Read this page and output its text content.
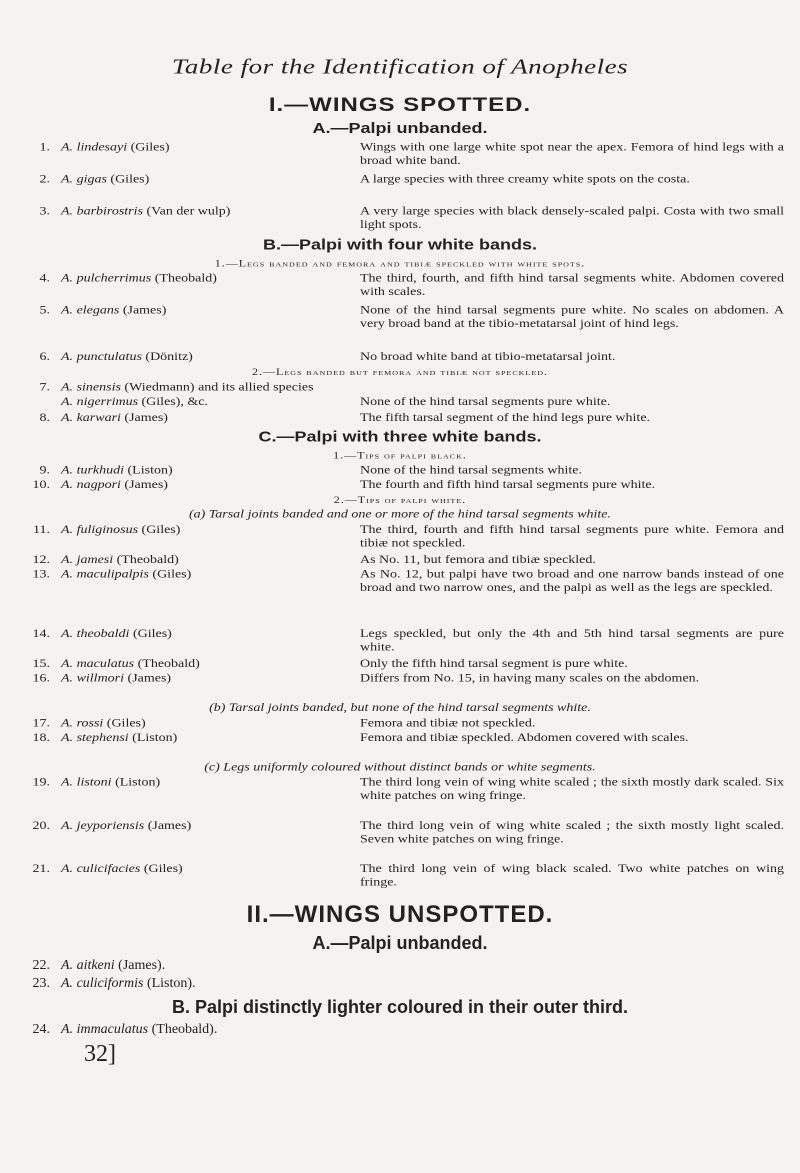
Table for the Identification of Anopheles
I.—WINGS SPOTTED.
A.—Palpi unbanded.
1. A. lindesayi (Giles)	Wings with one large white spot near the apex. Femora of hind legs with a broad white band.
2. A. gigas (Giles)	A large species with three creamy white spots on the costa.
3. A. barbirostris (Van der wulp)	A very large species with black densely-scaled palpi. Costa with two small light spots.
B.—Palpi with four white bands.
1.—Legs banded and femora and tibiæ speckled with white spots.
4. A. pulcherrimus (Theobald)	The third, fourth, and fifth hind tarsal segments white. Abdomen covered with scales.
5. A. elegans (James)	None of the hind tarsal segments pure white. No scales on abdomen. A very broad band at the tibio-metatarsal joint of hind legs.
6. A. punctulatus (Dönitz)	No broad white band at tibio-metatarsal joint.
2.—Legs banded but femora and tibiæ not speckled.
7. A. sinensis (Wiedmann) and its allied species
A. nigerrimus (Giles), &c.	None of the hind tarsal segments pure white.
8. A. karwari (James)	The fifth tarsal segment of the hind legs pure white.
C.—Palpi with three white bands.
1.—Tips of palpi black.
9. A. turkhudi (Liston)	None of the hind tarsal segments white.
10. A. nagpori (James)	The fourth and fifth hind tarsal segments pure white.
2.—Tips of palpi white.
(a) Tarsal joints banded and one or more of the hind tarsal segments white.
11. A. fuliginosus (Giles)	The third, fourth and fifth hind tarsal segments pure white. Femora and tibiæ not speckled.
12. A. jamesi (Theobald)	As No. 11, but femora and tibiæ speckled.
13. A. maculipalpis (Giles)	As No. 12, but palpi have two broad and one narrow bands instead of one broad and two narrow ones, and the palpi as well as the legs are speckled.
14. A. theobaldi (Giles)	Legs speckled, but only the 4th and 5th hind tarsal segments are pure white.
15. A. maculatus (Theobald)	Only the fifth hind tarsal segment is pure white.
16. A. willmori (James)	Differs from No. 15, in having many scales on the abdomen.
(b) Tarsal joints banded, but none of the hind tarsal segments white.
17. A. rossi (Giles)	Femora and tibiæ not speckled.
18. A. stephensi (Liston)	Femora and tibiæ speckled. Abdomen covered with scales.
(c) Legs uniformly coloured without distinct bands or white segments.
19. A. listoni (Liston)	The third long vein of wing white scaled ; the sixth mostly dark scaled. Six white patches on wing fringe.
20. A. jeyporiensis (James)	The third long vein of wing white scaled ; the sixth mostly light scaled. Seven white patches on wing fringe.
21. A. culicifacies (Giles)	The third long vein of wing black scaled. Two white patches on wing fringe.
II.—WINGS UNSPOTTED.
A.—Palpi unbanded.
22. A. aitkeni (James).
23. A. culiciformis (Liston).
B. Palpi distinctly lighter coloured in their outer third.
24. A. immaculatus (Theobald).
32]
